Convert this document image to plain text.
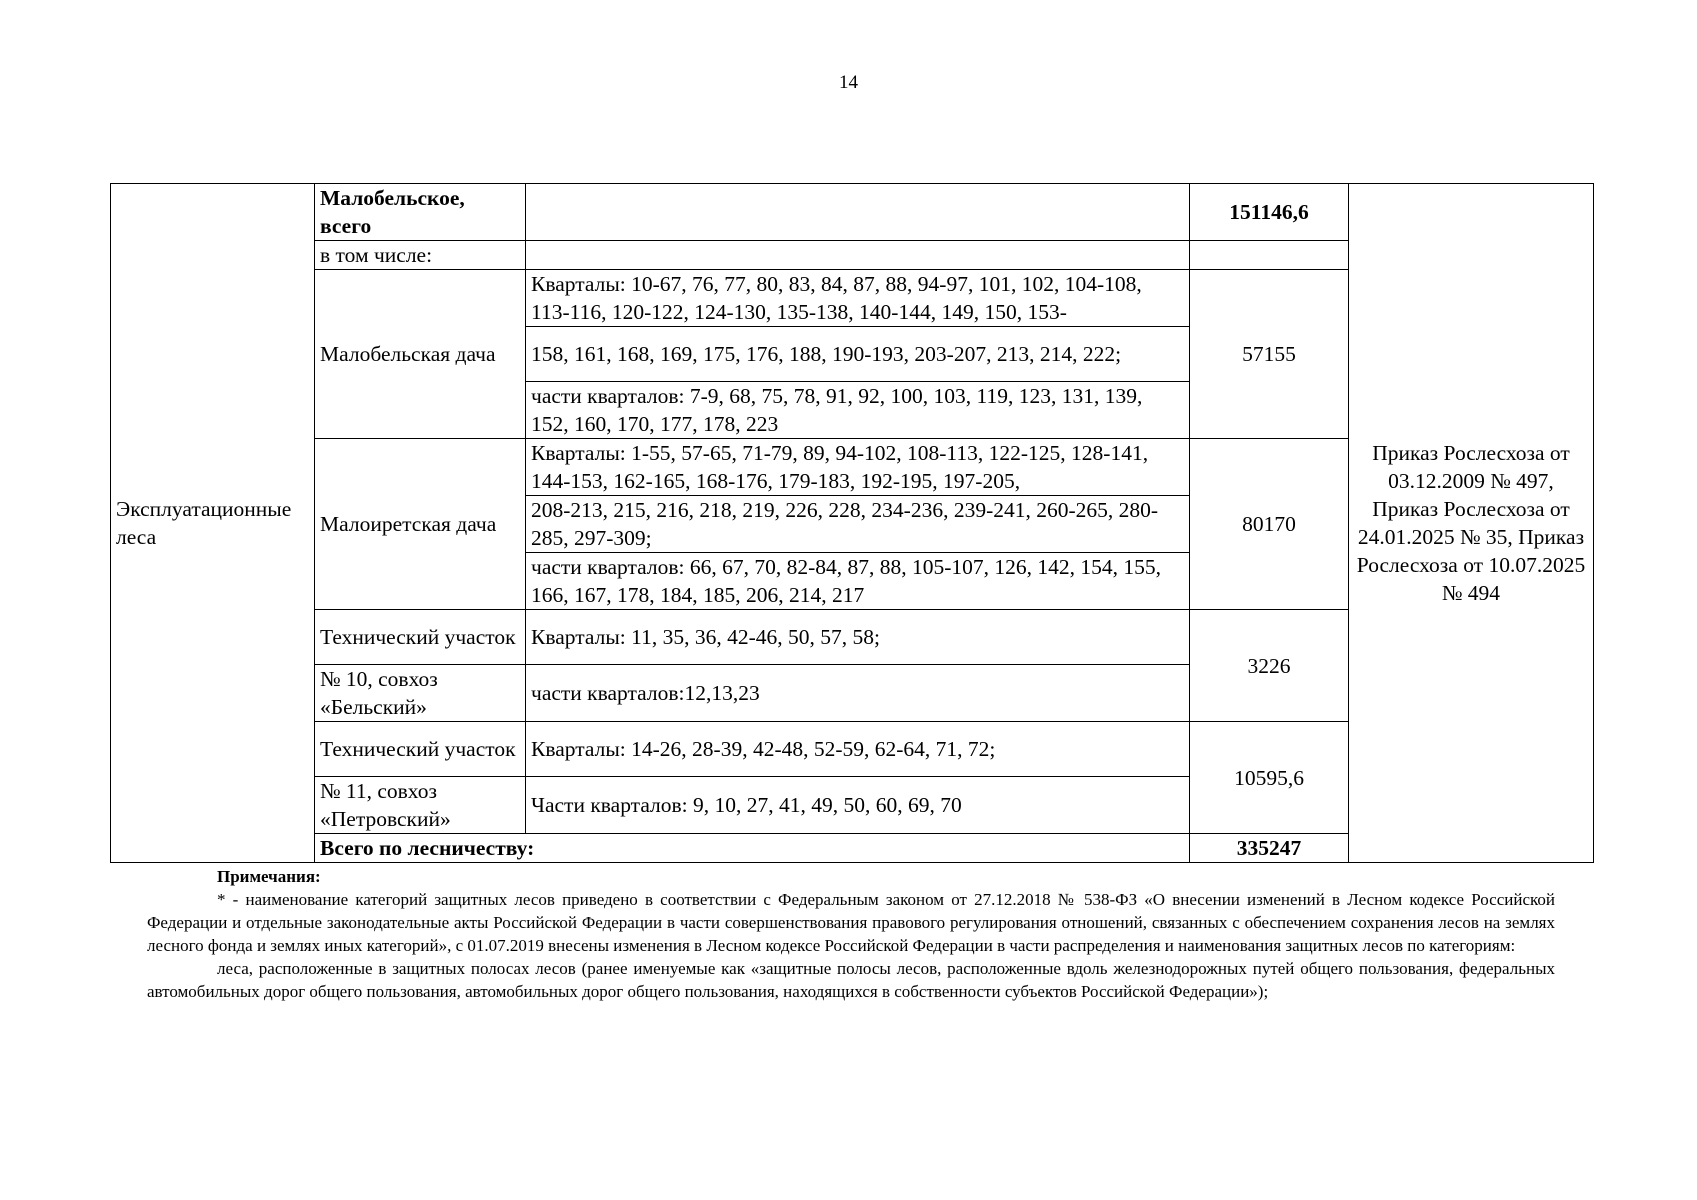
14
Эксплуатационные леса	Малобельское, всего		151146,6	Приказ Рослесхоза от 03.12.2009 № 497, Приказ Рослесхоза от 24.01.2025 № 35, Приказ Рослесхоза от 10.07.2025 № 494	
	в том числе:				
	Малобельская дача	Кварталы: 10-67, 76, 77, 80, 83, 84, 87, 88, 94-97, 101, 102, 104-108, 113-116, 120-122, 124-130, 135-138, 140-144, 149, 150, 153-	57155		
		158, 161, 168, 169, 175, 176, 188, 190-193, 203-207, 213, 214, 222;			
		части кварталов: 7-9, 68, 75, 78, 91, 92, 100, 103, 119, 123, 131, 139, 152, 160, 170, 177, 178, 223			
	Малоиретская дача	Кварталы: 1-55, 57-65, 71-79, 89, 94-102, 108-113, 122-125, 128-141, 144-153, 162-165, 168-176, 179-183, 192-195, 197-205,	80170		
		208-213, 215, 216, 218, 219, 226, 228, 234-236, 239-241, 260-265, 280-285, 297-309;			
		части кварталов: 66, 67, 70, 82-84, 87, 88, 105-107, 126, 142, 154, 155, 166, 167, 178, 184, 185, 206, 214, 217			
	Технический участок	Кварталы: 11, 35, 36, 42-46, 50, 57, 58;	3226		
	№ 10, совхоз «Бельский»	части кварталов:12,13,23			
	Технический участок	Кварталы: 14-26, 28-39, 42-48, 52-59, 62-64, 71, 72;	10595,6		
	№ 11, совхоз «Петровский»	Части кварталов: 9, 10, 27, 41, 49, 50, 60, 69, 70			
	Всего по лесничеству:		335247		

Примечания:

* - наименование категорий защитных лесов приведено в соответствии с Федеральным законом от 27.12.2018 № 538-ФЗ «О внесении изменений в Лесном кодексе Российской Федерации и отдельные законодательные акты Российской Федерации в части совершенствования правового регулирования отношений, связанных с обеспечением сохранения лесов на землях лесного фонда и землях иных категорий», с 01.07.2019 внесены изменения в Лесном кодексе Российской Федерации в части распределения и наименования защитных лесов по категориям:

леса, расположенные в защитных полосах лесов (ранее именуемые как «защитные полосы лесов, расположенные вдоль железнодорожных путей общего пользования, федеральных автомобильных дорог общего пользования, автомобильных дорог общего пользования, находящихся в собственности субъектов Российской Федерации»);
